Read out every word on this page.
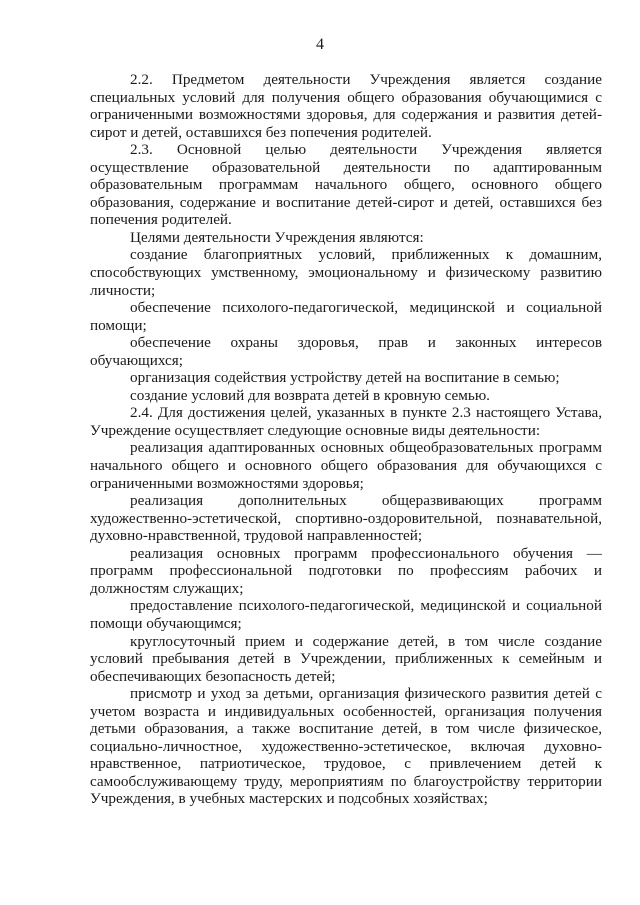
4

2.2. Предметом деятельности Учреждения является создание специальных условий для получения общего образования обучающимися с ограниченными возможностями здоровья, для содержания и развития детей-сирот и детей, оставшихся без попечения родителей.

2.3. Основной целью деятельности Учреждения является осуществление образовательной деятельности по адаптированным образовательным программам начального общего, основного общего образования, содержание и воспитание детей-сирот и детей, оставшихся без попечения родителей.

Целями деятельности Учреждения являются:

создание благоприятных условий, приближенных к домашним, способствующих умственному, эмоциональному и физическому развитию личности;

обеспечение психолого-педагогической, медицинской и социальной помощи;

обеспечение охраны здоровья, прав и законных интересов обучающихся;

организация содействия устройству детей на воспитание в семью;

создание условий для возврата детей в кровную семью.

2.4. Для достижения целей, указанных в пункте 2.3 настоящего Устава, Учреждение осуществляет следующие основные виды деятельности:

реализация адаптированных основных общеобразовательных программ начального общего и основного общего образования для обучающихся с ограниченными возможностями здоровья;

реализация дополнительных общеразвивающих программ художественно-эстетической, спортивно-оздоровительной, познавательной, духовно-нравственной, трудовой направленностей;

реализация основных программ профессионального обучения — программ профессиональной подготовки по профессиям рабочих и должностям служащих;

предоставление психолого-педагогической, медицинской и социальной помощи обучающимся;

круглосуточный прием и содержание детей, в том числе создание условий пребывания детей в Учреждении, приближенных к семейным и обеспечивающих безопасность детей;

присмотр и уход за детьми, организация физического развития детей с учетом возраста и индивидуальных особенностей, организация получения детьми образования, а также воспитание детей, в том числе физическое, социально-личностное, художественно-эстетическое, включая духовно-нравственное, патриотическое, трудовое, с привлечением детей к самообслуживающему труду, мероприятиям по благоустройству территории Учреждения, в учебных мастерских и подсобных хозяйствах;
